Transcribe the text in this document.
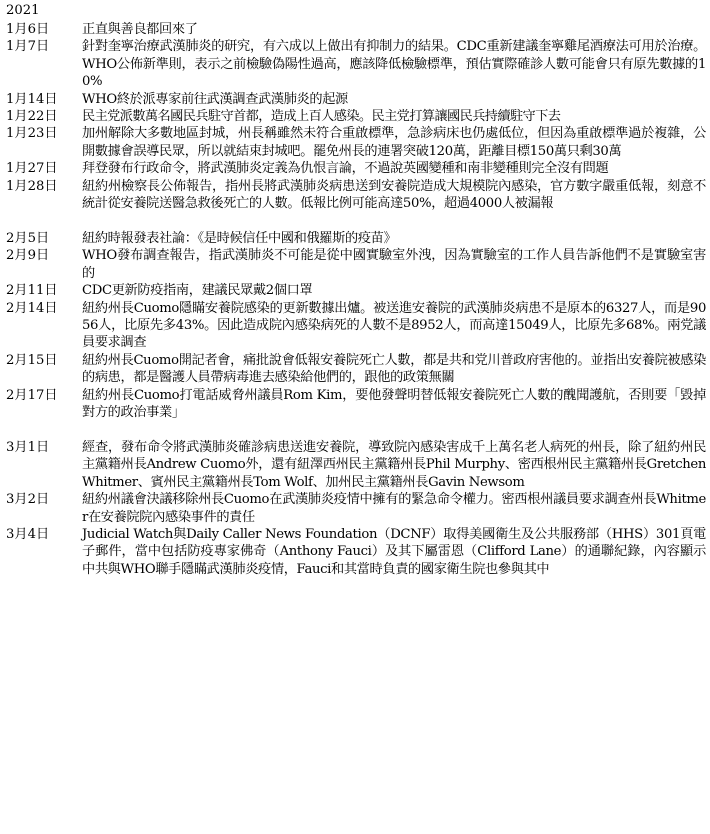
2021
1月6日	正直與善良都回來了
1月7日	針對奎寧治療武漢肺炎的研究，有六成以上做出有抑制力的結果。CDC重新建議奎寧雞尾酒療法可用於治療。WHO公佈新準則，表示之前檢驗偽陽性過高，應該降低檢驗標準，預估實際確診人數可能會只有原先數據的10%
1月14日	WHO終於派專家前往武漢調查武漢肺炎的起源
1月22日	民主党派數萬名國民兵駐守首都，造成上百人感染。民主党打算讓國民兵持續駐守下去
1月23日	加州解除大多數地區封城，州長稱雖然未符合重啟標準，急診病床也仍處低位，但因為重啟標準過於複雜，公開數據會誤導民眾，所以就結束封城吧。罷免州長的連署突破120萬，距離目標150萬只剩30萬
1月27日	拜登發布行政命令，將武漢肺炎定義為仇恨言論，不過說英國變種和南非變種則完全沒有問題
1月28日	紐約州檢察長公佈報告，指州長將武漢肺炎病患送到安養院造成大規模院內感染，官方數字嚴重低報，刻意不統計從安養院送醫急救後死亡的人數。低報比例可能高達50%，超過4000人被漏報
2月5日	紐約時報發表社論：《是時候信任中國和俄羅斯的疫苗》
2月9日	WHO發布調查報告，指武漢肺炎不可能是從中國實驗室外洩，因為實驗室的工作人員告訴他們不是實驗室害的
2月11日	CDC更新防疫指南，建議民眾戴2個口罩
2月14日	紐約州長Cuomo隱瞞安養院感染的更新數據出爐。被送進安養院的武漢肺炎病患不是原本的6327人，而是9056人，比原先多43%。因此造成院內感染病死的人數不是8952人，而高達15049人，比原先多68%。兩党議員要求調查
2月15日	紐約州長Cuomo開記者會，痛批說會低報安養院死亡人數，都是共和党川普政府害他的。並指出安養院被感染的病患，都是醫護人員帶病毒進去感染給他們的，跟他的政策無關
2月17日	紐約州長Cuomo打電話威脅州議員Rom Kim，要他發聲明替低報安養院死亡人數的醜聞護航，否則要「毀掉對方的政治事業」
3月1日	經查，發布命令將武漢肺炎確診病患送進安養院，導致院內感染害成千上萬名老人病死的州長，除了紐約州民主黨籍州長Andrew Cuomo外，還有紐澤西州民主黨籍州長Phil Murphy、密西根州民主黨籍州長Gretchen Whitmer、賓州民主黨籍州長Tom Wolf、加州民主黨籍州長Gavin Newsom
3月2日	紐約州議會決議移除州長Cuomo在武漢肺炎疫情中擁有的緊急命令權力。密西根州議員要求調查州長Whitmer在安養院院內感染事件的責任
3月4日	Judicial Watch與Daily Caller News Foundation（DCNF）取得美國衛生及公共服務部（HHS）301頁電子郵件，當中包括防疫專家佛奇（Anthony Fauci）及其下屬雷恩（Clifford Lane）的通聯紀錄，內容顯示中共與WHO聯手隱瞞武漢肺炎疫情，Fauci和其當時負責的國家衛生院也參與其中
